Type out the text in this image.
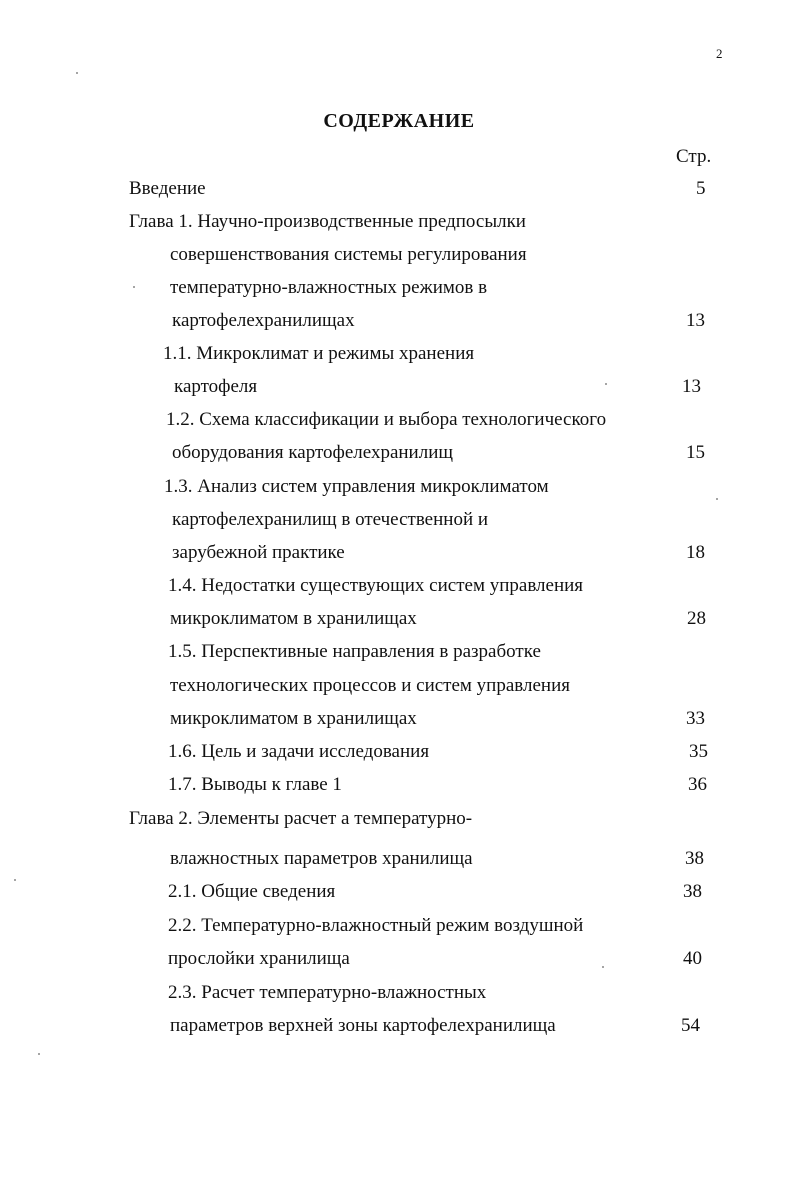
2
СОДЕРЖАНИЕ
Стр.
Введение	5
Глава 1. Научно-производственные предпосылки
совершенствования системы регулирования
температурно-влажностных режимов в
картофелехранилищах	13
1.1. Микроклимат и режимы хранения
картофеля	13
1.2. Схема классификации и выбора технологического
оборудования картофелехранилищ	15
1.3. Анализ систем управления микроклиматом
картофелехранилищ в отечественной и
зарубежной практике	18
1.4. Недостатки существующих систем управления
микроклиматом в хранилищах	28
1.5. Перспективные направления в разработке
технологических процессов и систем управления
микроклиматом в хранилищах	33
1.6. Цель и задачи исследования	35
1.7. Выводы к главе 1	36
Глава 2. Элементы расчет а температурно-
влажностных параметров хранилища	38
2.1. Общие сведения	38
2.2. Температурно-влажностный режим воздушной
прослойки хранилища	40
2.3. Расчет температурно-влажностных
параметров верхней зоны картофелехранилища	54
